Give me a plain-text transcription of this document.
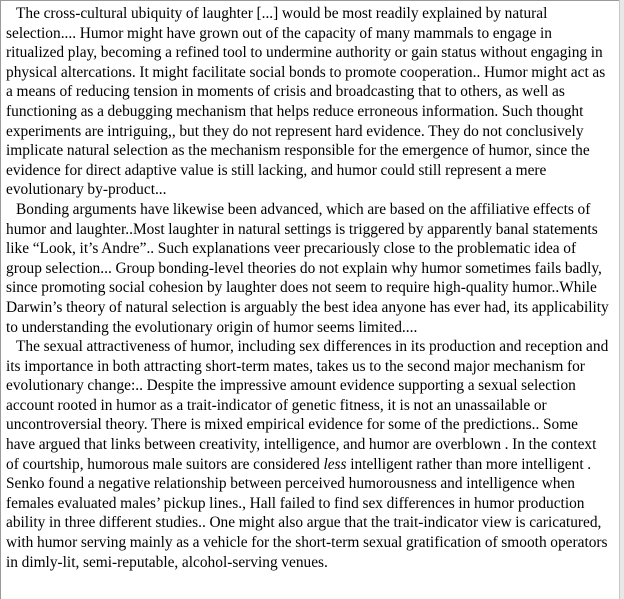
The cross-cultural ubiquity of laughter [...] would be most readily explained by natural selection.... Humor might have grown out of the capacity of many mammals to engage in ritualized play, becoming a refined tool to undermine authority or gain status without engaging in physical altercations. It might facilitate social bonds to promote cooperation.. Humor might act as a means of reducing tension in moments of crisis and broadcasting that to others, as well as functioning as a debugging mechanism that helps reduce erroneous information. Such thought experiments are intriguing,, but they do not represent hard evidence. They do not conclusively implicate natural selection as the mechanism responsible for the emergence of humor, since the evidence for direct adaptive value is still lacking, and humor could still represent a mere evolutionary by-product...

Bonding arguments have likewise been advanced, which are based on the affiliative effects of humor and laughter..Most laughter in natural settings is triggered by apparently banal statements like “Look, it’s Andre”.. Such explanations veer precariously close to the problematic idea of group selection... Group bonding-level theories do not explain why humor sometimes fails badly, since promoting social cohesion by laughter does not seem to require high-quality humor..While Darwin’s theory of natural selection is arguably the best idea anyone has ever had, its applicability to understanding the evolutionary origin of humor seems limited....

The sexual attractiveness of humor, including sex differences in its production and reception and its importance in both attracting short-term mates, takes us to the second major mechanism for evolutionary change:.. Despite the impressive amount evidence supporting a sexual selection account rooted in humor as a trait-indicator of genetic fitness, it is not an unassailable or uncontroversial theory. There is mixed empirical evidence for some of the predictions.. Some have argued that links between creativity, intelligence, and humor are overblown . In the context of courtship, humorous male suitors are considered less intelligent rather than more intelligent . Senko found a negative relationship between perceived humorousness and intelligence when females evaluated males’ pickup lines., Hall failed to find sex differences in humor production ability in three different studies.. One might also argue that the trait-indicator view is caricatured, with humor serving mainly as a vehicle for the short-term sexual gratification of smooth operators in dimly-lit, semi-reputable, alcohol-serving venues.
